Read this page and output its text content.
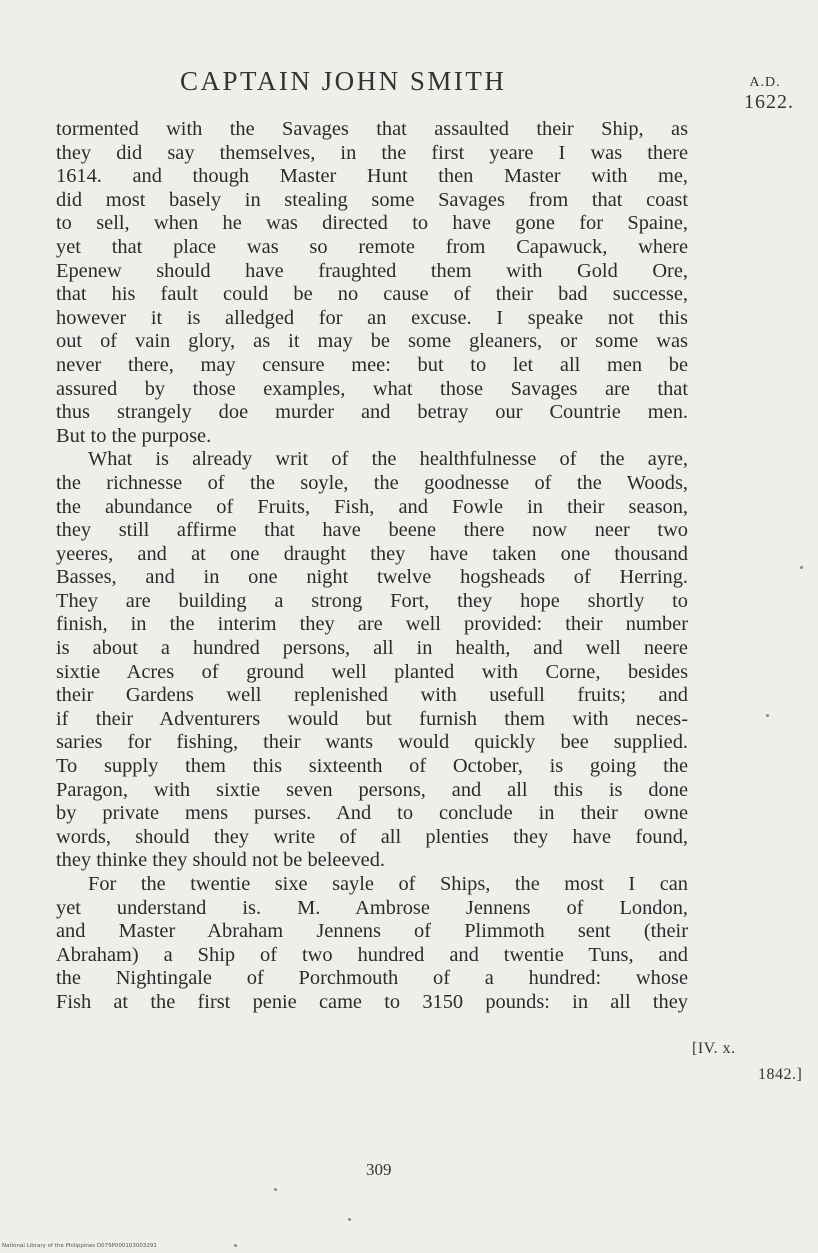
CAPTAIN JOHN SMITH	A.D.
1622.
tormented with the Savages that assaulted their Ship, as
they did say themselves, in the first yeare I was there
1614. and though Master Hunt then Master with me,
did most basely in stealing some Savages from that coast
to sell, when he was directed to have gone for Spaine,
yet that place was so remote from Capawuck, where
Epenew should have fraughted them with Gold Ore,
that his fault could be no cause of their bad successe,
however it is alledged for an excuse. I speake not this
out of vain glory, as it may be some gleaners, or some was
never there, may censure mee: but to let all men be
assured by those examples, what those Savages are that
thus strangely doe murder and betray our Countrie men.
But to the purpose.
What is already writ of the healthfulnesse of the ayre,
the richnesse of the soyle, the goodnesse of the Woods,
the abundance of Fruits, Fish, and Fowle in their season,
they still affirme that have beene there now neer two
yeeres, and at one draught they have taken one thousand
Basses, and in one night twelve hogsheads of Herring.
They are building a strong Fort, they hope shortly to
finish, in the interim they are well provided: their number
is about a hundred persons, all in health, and well neere
sixtie Acres of ground well planted with Corne, besides
their Gardens well replenished with usefull fruits; and
if their Adventurers would but furnish them with neces-
saries for fishing, their wants would quickly bee supplied.
To supply them this sixteenth of October, is going the
Paragon, with sixtie seven persons, and all this is done
by private mens purses. And to conclude in their owne
words, should they write of all plenties they have found,
they thinke they should not be beleeved.
For the twentie sixe sayle of Ships, the most I can
yet understand is. M. Ambrose Jennens of London,
and Master Abraham Jennens of Plimmoth sent (their
Abraham) a Ship of two hundred and twentie Tuns, and
the Nightingale of Porchmouth of a hundred: whose
Fish at the first penie came to 3150 pounds: in all they
[IV. x.
1842.]
309
National Library of the Philippines D079P000103003291
